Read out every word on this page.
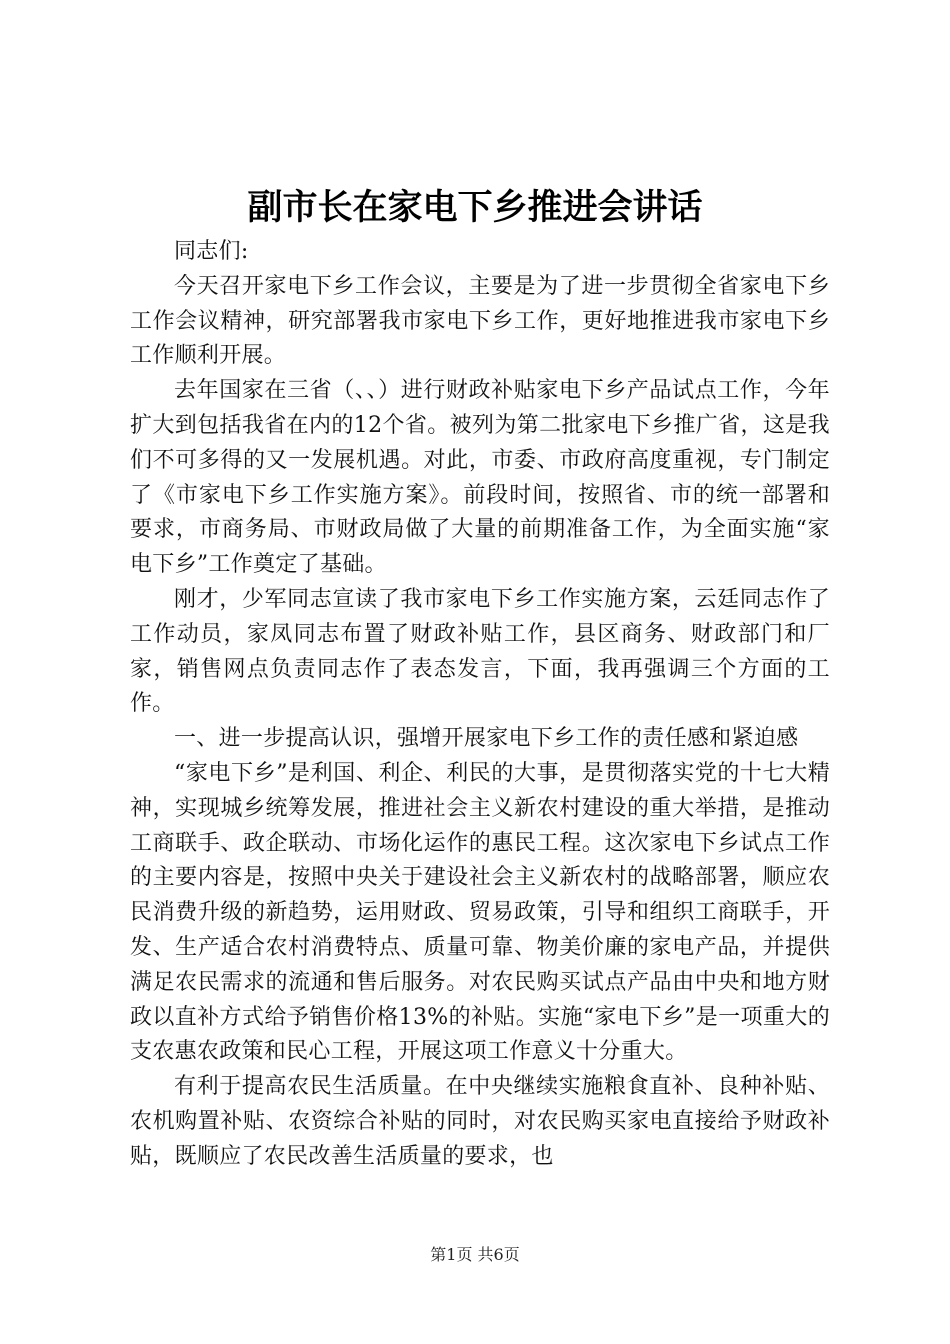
副市长在家电下乡推进会讲话

同志们:

今天召开家电下乡工作会议，主要是为了进一步贯彻全省家电下乡工作会议精神，研究部署我市家电下乡工作，更好地推进我市家电下乡工作顺利开展。

去年国家在三省（、、）进行财政补贴家电下乡产品试点工作，今年扩大到包括我省在内的12个省。被列为第二批家电下乡推广省，这是我们不可多得的又一发展机遇。对此，市委、市政府高度重视，专门制定了《市家电下乡工作实施方案》。前段时间，按照省、市的统一部署和要求，市商务局、市财政局做了大量的前期准备工作，为全面实施“家电下乡”工作奠定了基础。

刚才，少军同志宣读了我市家电下乡工作实施方案，云廷同志作了工作动员，家凤同志布置了财政补贴工作，县区商务、财政部门和厂家，销售网点负责同志作了表态发言，下面，我再强调三个方面的工作。

一、进一步提高认识，强增开展家电下乡工作的责任感和紧迫感

“家电下乡”是利国、利企、利民的大事，是贯彻落实党的十七大精神，实现城乡统筹发展，推进社会主义新农村建设的重大举措，是推动工商联手、政企联动、市场化运作的惠民工程。这次家电下乡试点工作的主要内容是，按照中央关于建设社会主义新农村的战略部署，顺应农民消费升级的新趋势，运用财政、贸易政策，引导和组织工商联手，开发、生产适合农村消费特点、质量可靠、物美价廉的家电产品，并提供满足农民需求的流通和售后服务。对农民购买试点产品由中央和地方财政以直补方式给予销售价格13%的补贴。实施“家电下乡”是一项重大的支农惠农政策和民心工程，开展这项工作意义十分重大。

有利于提高农民生活质量。在中央继续实施粮食直补、良种补贴、农机购置补贴、农资综合补贴的同时，对农民购买家电直接给予财政补贴，既顺应了农民改善生活质量的要求，也

第1页 共6页
